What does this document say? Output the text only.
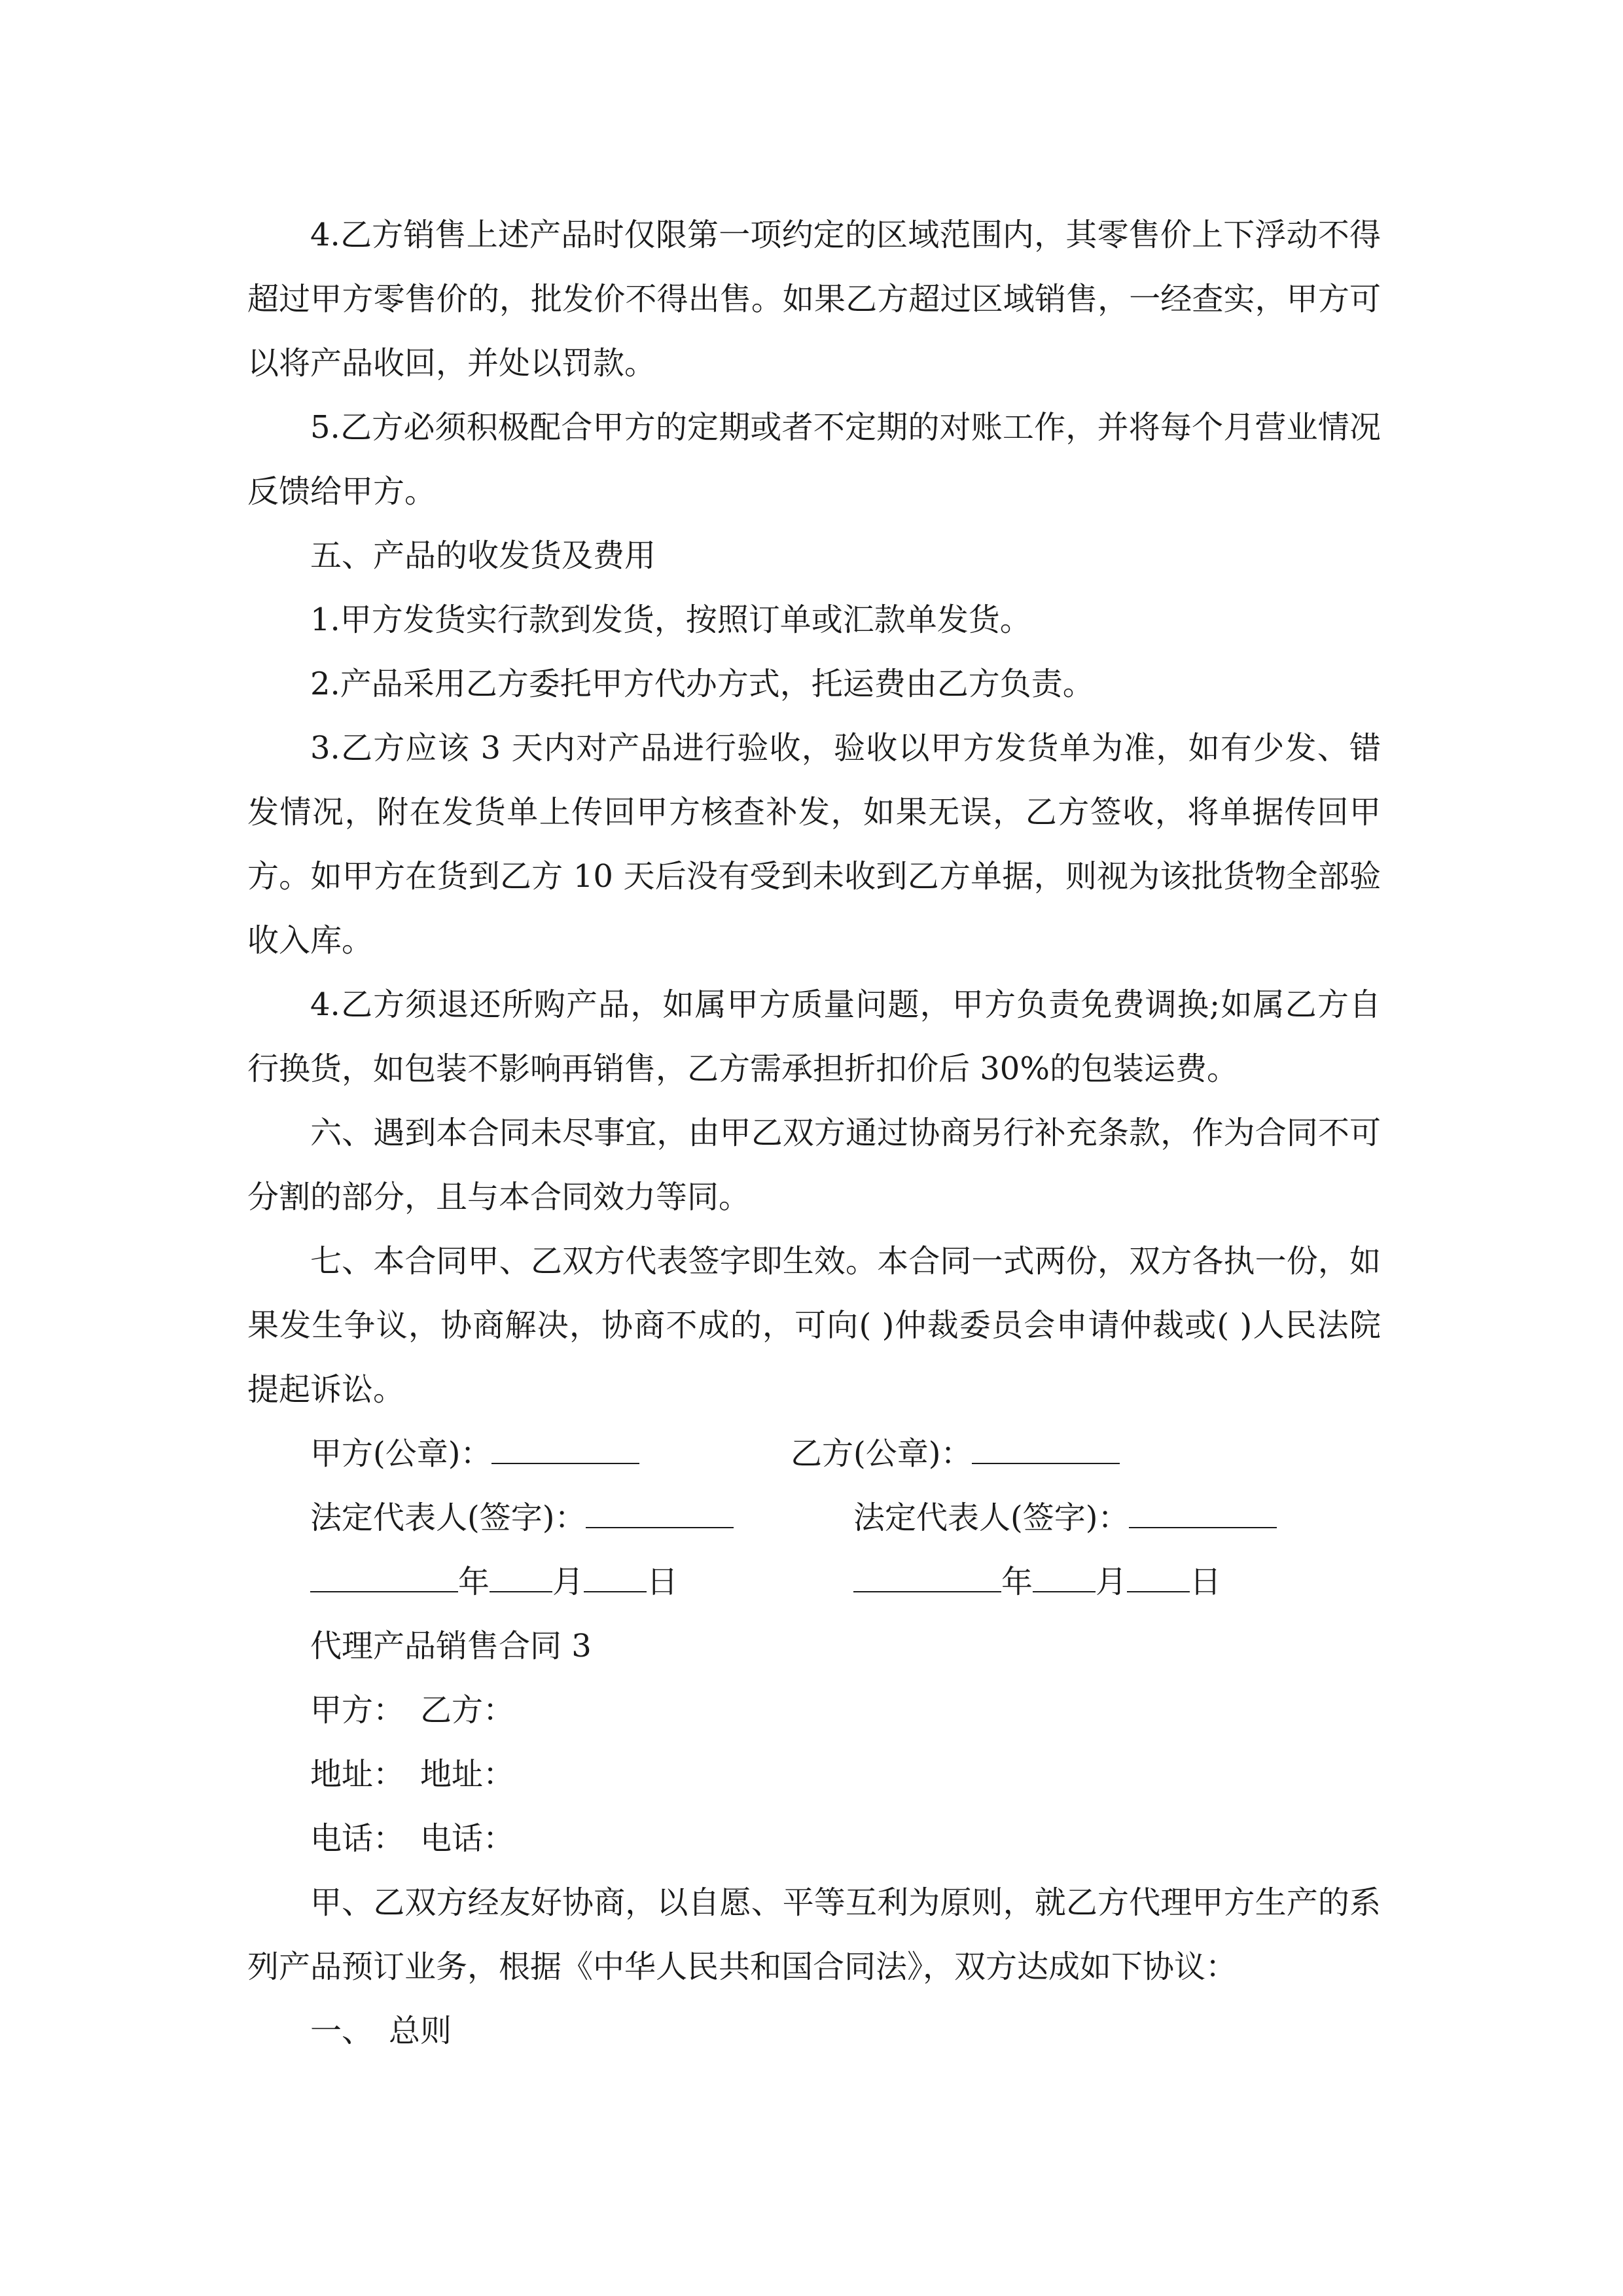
4.乙方销售上述产品时仅限第一项约定的区域范围内，其零售价上下浮动不得超过甲方零售价的，批发价不得出售。如果乙方超过区域销售，一经查实，甲方可以将产品收回，并处以罚款。

5.乙方必须积极配合甲方的定期或者不定期的对账工作，并将每个月营业情况反馈给甲方。

五、产品的收发货及费用

1.甲方发货实行款到发货，按照订单或汇款单发货。

2.产品采用乙方委托甲方代办方式，托运费由乙方负责。

3.乙方应该 3 天内对产品进行验收，验收以甲方发货单为准，如有少发、错发情况，附在发货单上传回甲方核查补发，如果无误，乙方签收，将单据传回甲方。如甲方在货到乙方 10 天后没有受到未收到乙方单据，则视为该批货物全部验收入库。

4.乙方须退还所购产品，如属甲方质量问题，甲方负责免费调换;如属乙方自行换货，如包装不影响再销售，乙方需承担折扣价后 30%的包装运费。

六、遇到本合同未尽事宜，由甲乙双方通过协商另行补充条款，作为合同不可分割的部分，且与本合同效力等同。

七、本合同甲、乙双方代表签字即生效。本合同一式两份，双方各执一份，如果发生争议，协商解决，协商不成的，可向( )仲裁委员会申请仲裁或( )人民法院提起诉讼。

甲方(公章)：	乙方(公章)：
法定代表人(签字)：	法定代表人(签字)：
年 月 日	年 月 日
代理产品销售合同 3
甲方：　乙方：
地址：　地址：
电话：　电话：

甲、乙双方经友好协商，以自愿、平等互利为原则，就乙方代理甲方生产的系列产品预订业务，根据《中华人民共和国合同法》，双方达成如下协议：

一、　总则
